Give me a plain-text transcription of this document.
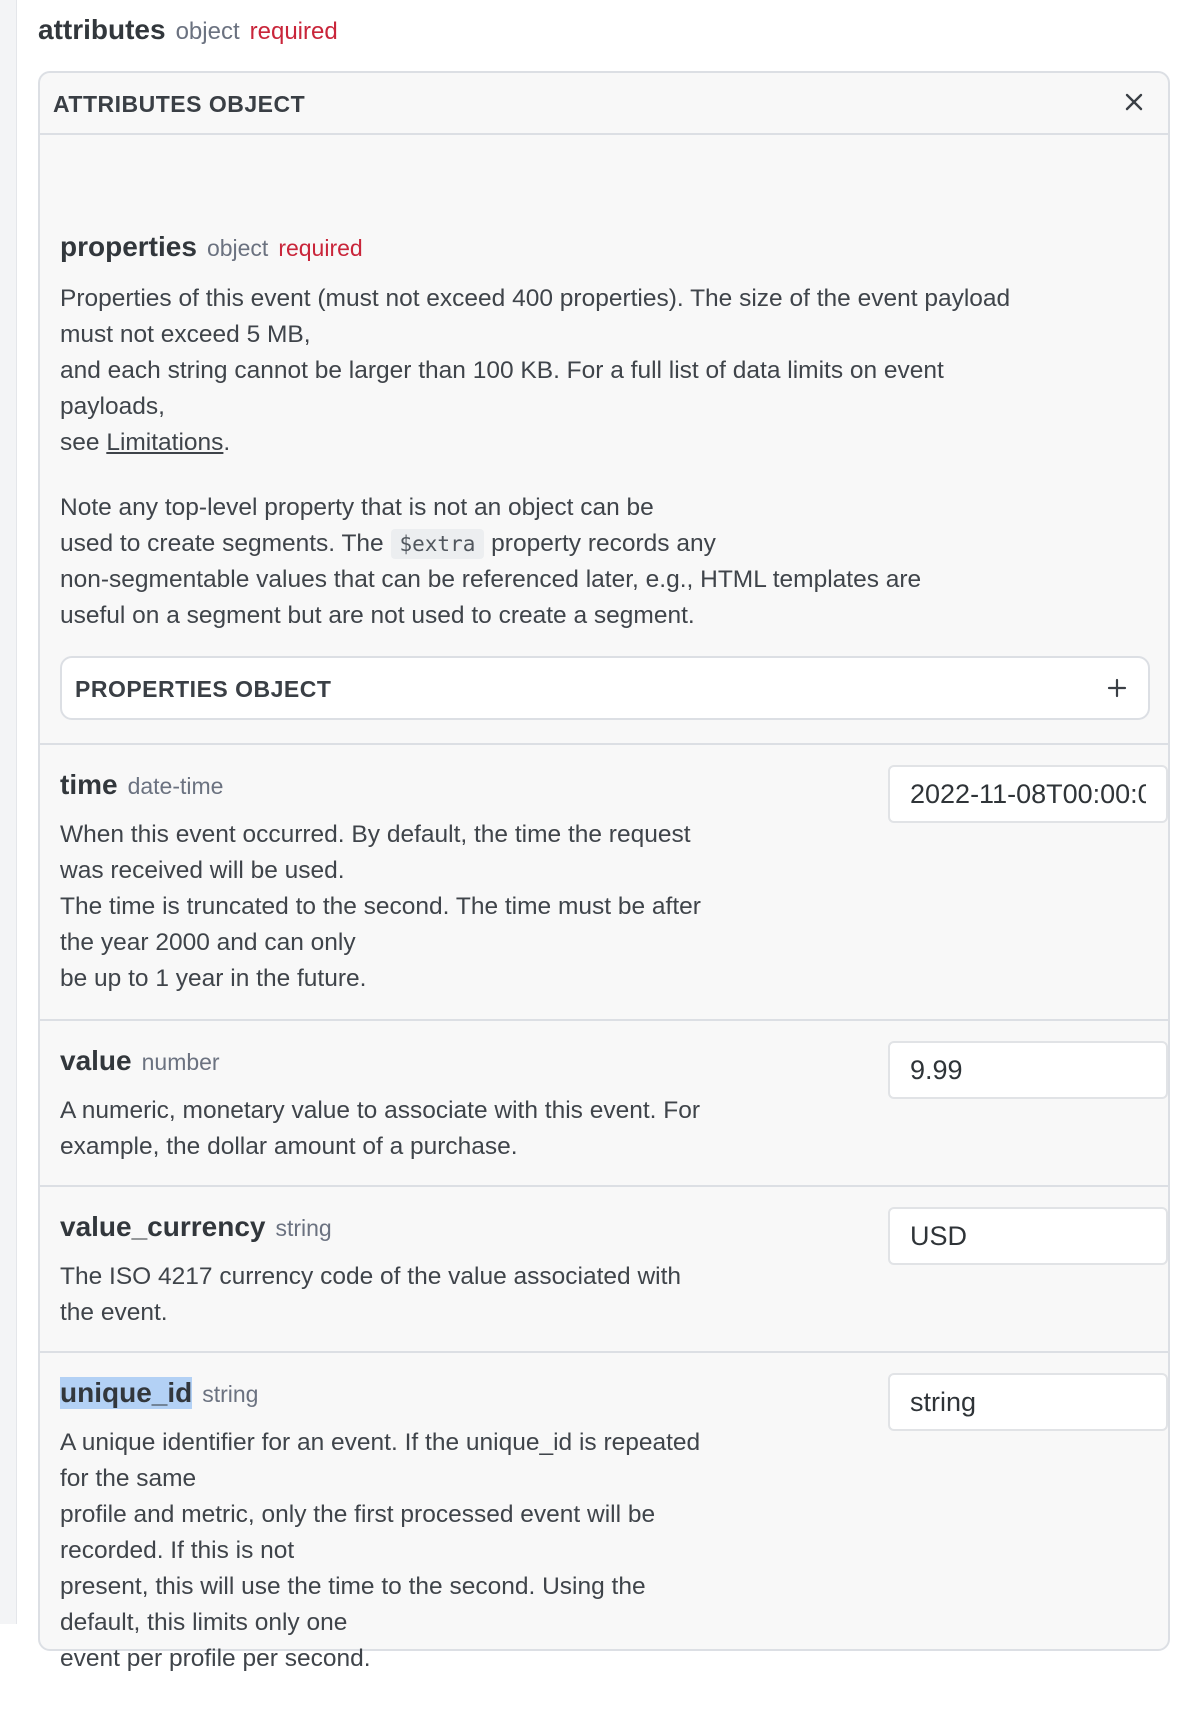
attributes object required
ATTRIBUTES OBJECT
properties object required
Properties of this event (must not exceed 400 properties). The size of the event payload
must not exceed 5 MB,
and each string cannot be larger than 100 KB. For a full list of data limits on event
payloads,
see Limitations.
Note any top-level property that is not an object can be
used to create segments. The $extra property records any
non-segmentable values that can be referenced later, e.g., HTML templates are
useful on a segment but are not used to create a segment.
PROPERTIES OBJECT
time date-time
2022-11-08T00:00:00
When this event occurred. By default, the time the request
was received will be used.
The time is truncated to the second. The time must be after
the year 2000 and can only
be up to 1 year in the future.
value number
9.99
A numeric, monetary value to associate with this event. For
example, the dollar amount of a purchase.
value_currency string
USD
The ISO 4217 currency code of the value associated with
the event.
unique_id string
string
A unique identifier for an event. If the unique_id is repeated
for the same
profile and metric, only the first processed event will be
recorded. If this is not
present, this will use the time to the second. Using the
default, this limits only one
event per profile per second.
